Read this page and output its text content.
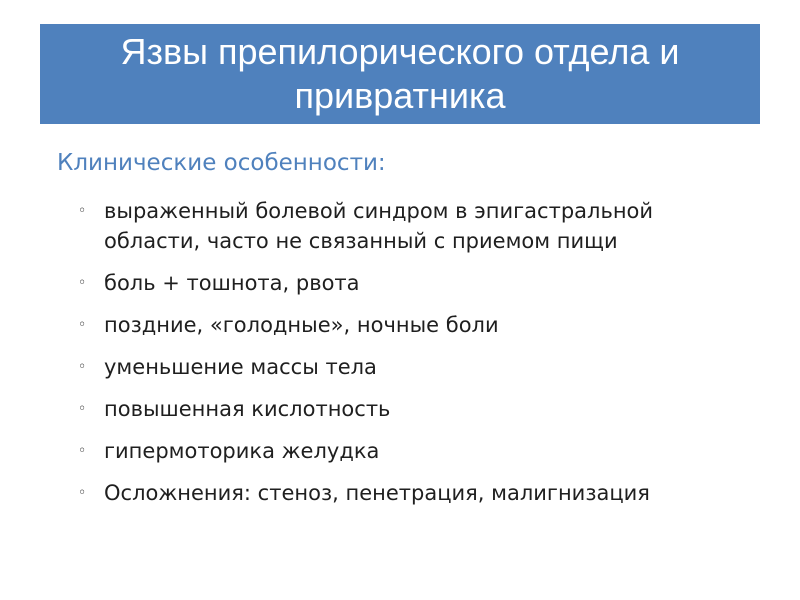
Язвы препилорического отдела и привратника
Клинические особенности:
◦ выраженный болевой синдром в эпигастральной области, часто не связанный с приемом пищи
◦ боль + тошнота, рвота
◦ поздние, «голодные», ночные боли
◦ уменьшение массы тела
◦ повышенная кислотность
◦ гипермоторика желудка
◦ Осложнения: стеноз, пенетрация, малигнизация
